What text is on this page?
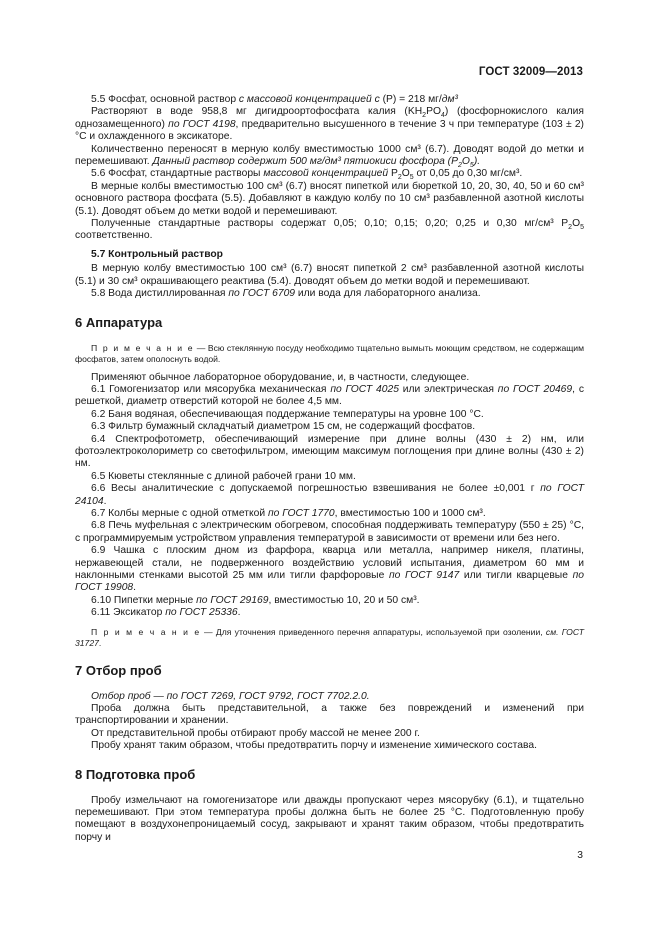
ГОСТ 32009—2013

5.5 Фосфат, основной раствор с массовой концентрацией с (P) = 218 мг/дм³

Растворяют в воде 958,8 мг дигидроортофосфата калия $(KH_2PO_4)$ (фосфорнокислого калия однозамещенного) по ГОСТ 4198, предварительно высушенного в течение 3 ч при температуре (103 ± 2) °С и охлажденного в эксикаторе.

Количественно переносят в мерную колбу вместимостью 1000 см³ (6.7). Доводят водой до метки и перемешивают. Данный раствор содержит 500 мг/дм³ пятиокиси фосфора $(P_2O_5)$.

5.6 Фосфат, стандартные растворы массовой концентрацией $P_2O_5$ от 0,05 до 0,30 мг/см³.

В мерные колбы вместимостью 100 см³ (6.7) вносят пипеткой или бюреткой 10, 20, 30, 40, 50 и 60 см³ основного раствора фосфата (5.5). Добавляют в каждую колбу по 10 см³ разбавленной азотной кислоты (5.1). Доводят объем до метки водой и перемешивают.

Полученные стандартные растворы содержат 0,05; 0,10; 0,15; 0,20; 0,25 и 0,30 мг/см³ $P_2O_5$ соответственно.

5.7 Контрольный раствор

В мерную колбу вместимостью 100 см³ (6.7) вносят пипеткой 2 см³ разбавленной азотной кислоты (5.1) и 30 см³ окрашивающего реактива (5.4). Доводят объем до метки водой и перемешивают.

5.8 Вода дистиллированная по ГОСТ 6709 или вода для лабораторного анализа.

6 Аппаратура

П р и м е ч а н и е — Всю стеклянную посуду необходимо тщательно вымыть моющим средством, не содержащим фосфатов, затем ополоснуть водой.

Применяют обычное лабораторное оборудование, и, в частности, следующее.

6.1 Гомогенизатор или мясорубка механическая по ГОСТ 4025 или электрическая по ГОСТ 20469, с решеткой, диаметр отверстий которой не более 4,5 мм.

6.2 Баня водяная, обеспечивающая поддержание температуры на уровне 100 °С.

6.3 Фильтр бумажный складчатый диаметром 15 см, не содержащий фосфатов.

6.4 Спектрофотометр, обеспечивающий измерение при длине волны (430 ± 2) нм, или фотоэлектроколориметр со светофильтром, имеющим максимум поглощения при длине волны (430 ± 2) нм.

6.5 Кюветы стеклянные с длиной рабочей грани 10 мм.

6.6 Весы аналитические с допускаемой погрешностью взвешивания не более ±0,001 г по ГОСТ 24104.

6.7 Колбы мерные с одной отметкой по ГОСТ 1770, вместимостью 100 и 1000 см³.

6.8 Печь муфельная с электрическим обогревом, способная поддерживать температуру (550 ± 25) °С, с программируемым устройством управления температурой в зависимости от времени или без него.

6.9 Чашка с плоским дном из фарфора, кварца или металла, например никеля, платины, нержавеющей стали, не подверженного воздействию условий испытания, диаметром 60 мм и наклонными стенками высотой 25 мм или тигли фарфоровые по ГОСТ 9147 или тигли кварцевые по ГОСТ 19908.

6.10 Пипетки мерные по ГОСТ 29169, вместимостью 10, 20 и 50 см³.

6.11 Эксикатор по ГОСТ 25336.

П р и м е ч а н и е — Для уточнения приведенного перечня аппаратуры, используемой при озолении, см. ГОСТ 31727.

7 Отбор проб

Отбор проб — по ГОСТ 7269, ГОСТ 9792, ГОСТ 7702.2.0.

Проба должна быть представительной, а также без повреждений и изменений при транспортировании и хранении.

От представительной пробы отбирают пробу массой не менее 200 г.

Пробу хранят таким образом, чтобы предотвратить порчу и изменение химического состава.

8 Подготовка проб

Пробу измельчают на гомогенизаторе или дважды пропускают через мясорубку (6.1), и тщательно перемешивают. При этом температура пробы должна быть не более 25 °С. Подготовленную пробу помещают в воздухонепроницаемый сосуд, закрывают и хранят таким образом, чтобы предотвратить порчу и

3
